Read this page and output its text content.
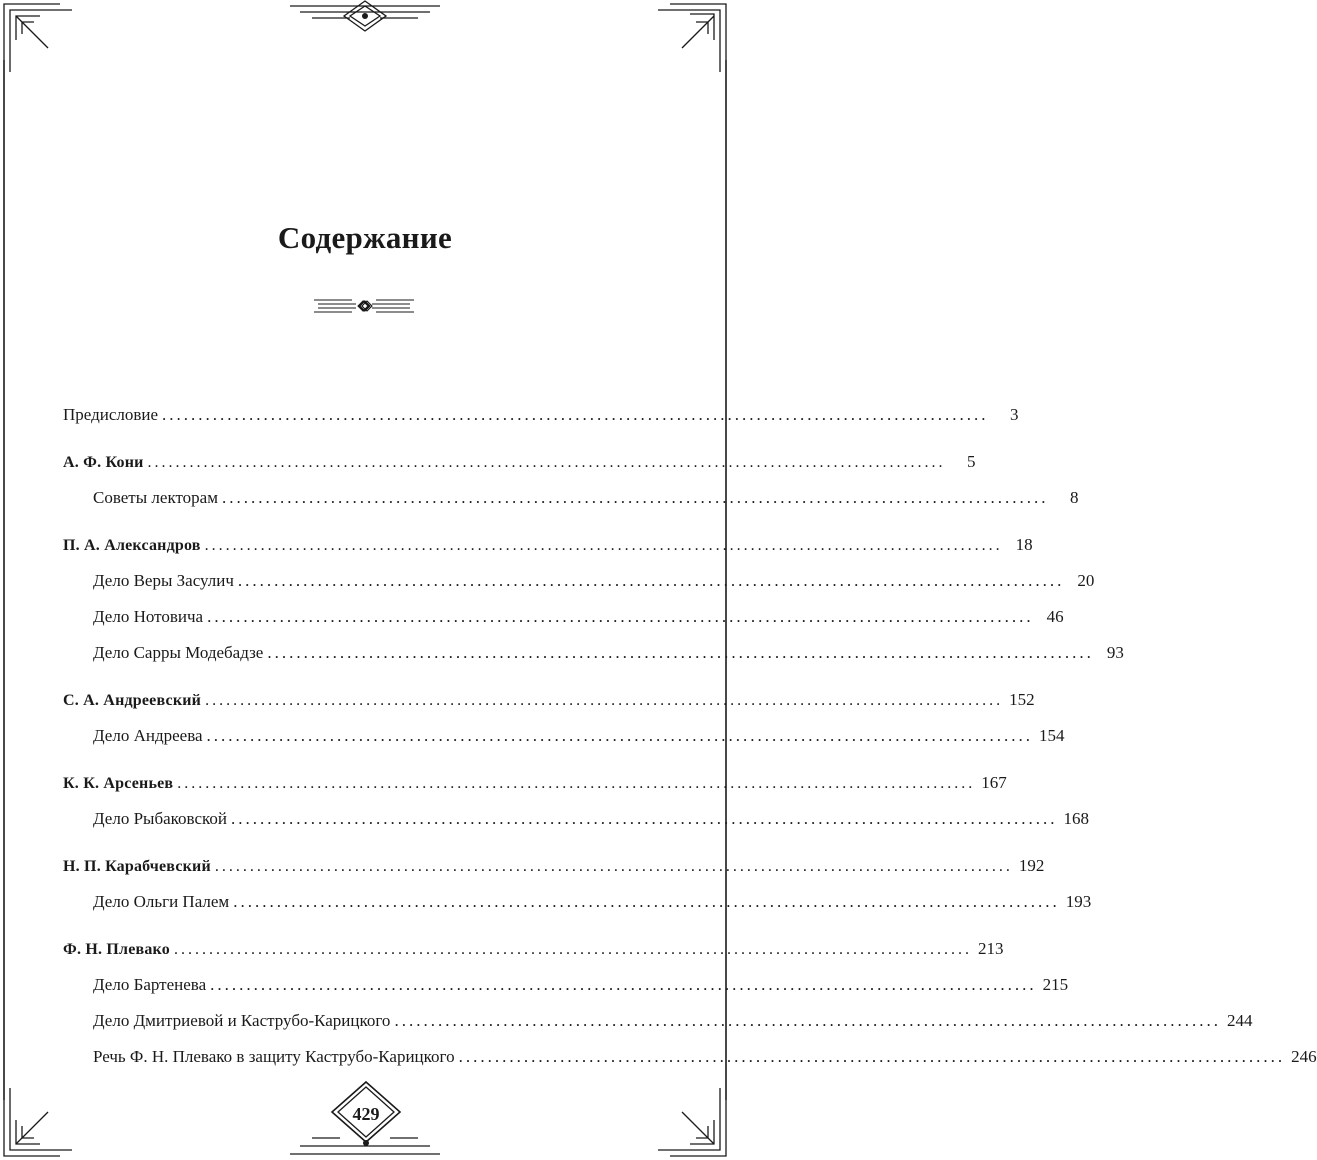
Содержание
Предисловие ..................................................................................................................	3
А. Ф. Кони ..................................................................................................................	5
Советы лекторам ..................................................................................................................	8
П. А. Александров .................................................................................................................. 18
Дело Веры Засулич .................................................................................................................. 20
Дело Нотовича .................................................................................................................. 46
Дело Сарры Модебадзе .................................................................................................................. 93
С. А. Андреевский .................................................................................................................. 152
Дело Андреева .................................................................................................................. 154
К. К. Арсеньев .................................................................................................................. 167
Дело Рыбаковской .................................................................................................................. 168
Н. П. Карабчевский .................................................................................................................. 192
Дело Ольги Палем .................................................................................................................. 193
Ф. Н. Плевако .................................................................................................................. 213
Дело Бартенева .................................................................................................................. 215
Дело Дмитриевой и Каструбо-Карицкого .................................................................................................................. 244
Речь Ф. Н. Плевако в защиту Каструбо-Карицкого .................................................................................................................. 246
429
